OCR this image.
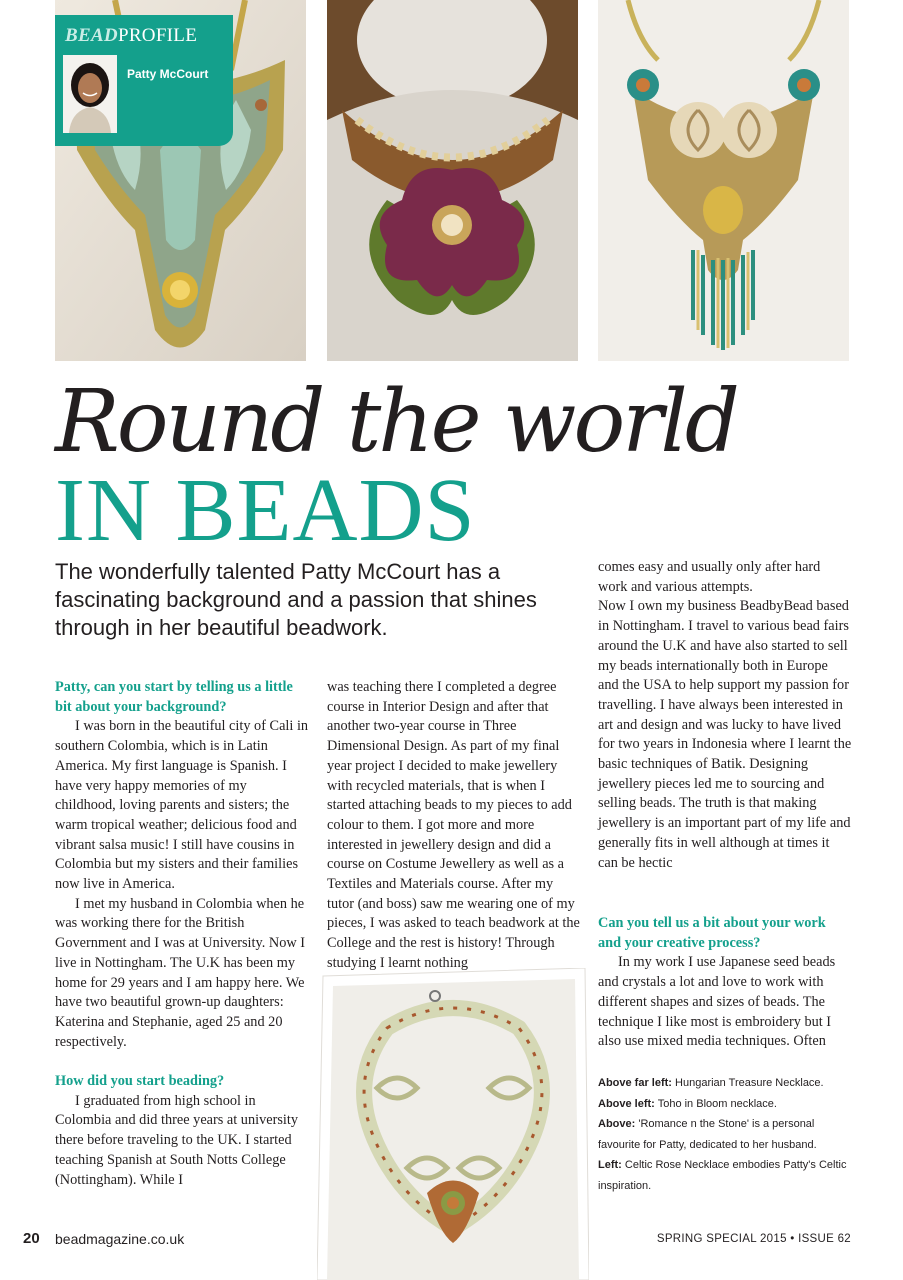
BEADPROFILE
Patty McCourt
Round the world
IN BEADS
The wonderfully talented Patty McCourt has a fascinating background and a passion that shines through in her beautiful beadwork.
Patty, can you start by telling us a little bit about your background?

I was born in the beautiful city of Cali in southern Colombia, which is in Latin America. My first language is Spanish. I have very happy memories of my childhood, loving parents and sisters; the warm tropical weather; delicious food and vibrant salsa music! I still have cousins in Colombia but my sisters and their families now live in America.

I met my husband in Colombia when he was working there for the British Government and I was at University. Now I live in Nottingham. The U.K has been my home for 29 years and I am happy here. We have two beautiful grown-up daughters: Katerina and Stephanie, aged 25 and 20 respectively.

How did you start beading?

I graduated from high school in Colombia and did three years at university there before traveling to the UK. I started teaching Spanish at South Notts College (Nottingham). While I

was teaching there I completed a degree course in Interior Design and after that another two-year course in Three Dimensional Design. As part of my final year project I decided to make jewellery with recycled materials, that is when I started attaching beads to my pieces to add colour to them. I got more and more interested in jewellery design and did a course on Costume Jewellery as well as a Textiles and Materials course. After my tutor (and boss) saw me wearing one of my pieces, I was asked to teach beadwork at the College and the rest is history! Through studying I learnt nothing

comes easy and usually only after hard work and various attempts.

Now I own my business BeadbyBead based in Nottingham. I travel to various bead fairs around the U.K and have also started to sell my beads internationally both in Europe and the USA to help support my passion for travelling. I have always been interested in art and design and was lucky to have lived for two years in Indonesia where I learnt the basic techniques of Batik. Designing jewellery pieces led me to sourcing and selling beads. The truth is that making jewellery is an important part of my life and generally fits in well although at times it can be hectic

Can you tell us a bit about your work and your creative process?

In my work I use Japanese seed beads and crystals a lot and love to work with different shapes and sizes of beads. The technique I like most is embroidery but I also use mixed media techniques. Often

Above far left: Hungarian Treasure Necklace.
Above left: Toho in Bloom necklace.
Above: 'Romance n the Stone' is a personal favourite for Patty, dedicated to her husband.
Left: Celtic Rose Necklace embodies Patty's Celtic inspiration.
20 beadmagazine.co.uk	SPRING SPECIAL 2015 • ISSUE 62
